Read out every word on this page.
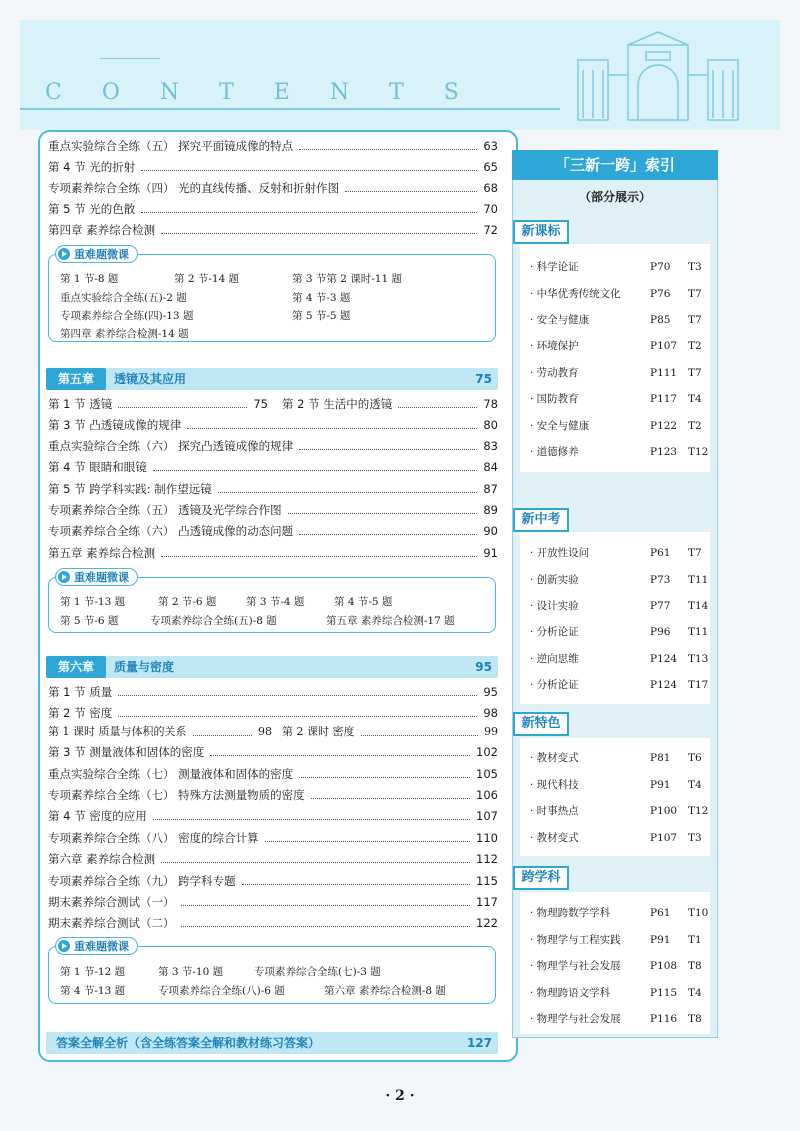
CONTENTS
重点实验综合全练（五） 探究平面镜成像的特点	63
第 4 节 光的折射	65
专项素养综合全练（四） 光的直线传播、反射和折射作图	68
第 5 节 光的色散	70
第四章 素养综合检测	72
重难题微课
第 1 节-8 题	第 2 节-14 题	第 3 节第 2 课时-11 题
重点实验综合全练(五)-2 题	第 4 节-3 题
专项素养综合全练(四)-13 题	第 5 节-5 题
第四章 素养综合检测-14 题
第五章	透镜及其应用	75
第 1 节 透镜	75 第 2 节 生活中的透镜	78
第 3 节 凸透镜成像的规律	80
重点实验综合全练（六） 探究凸透镜成像的规律	83
第 4 节 眼睛和眼镜	84
第 5 节 跨学科实践: 制作望远镜	87
专项素养综合全练（五） 透镜及光学综合作图	89
专项素养综合全练（六） 凸透镜成像的动态问题	90
第五章 素养综合检测	91
重难题微课
第 1 节-13 题	第 2 节-6 题	第 3 节-4 题	第 4 节-5 题
第 5 节-6 题	专项素养综合全练(五)-8 题	第五章 素养综合检测-17 题
第六章	质量与密度	95
第 1 节 质量	95
第 2 节 密度	98
第 1 课时 质量与体积的关系	98 第 2 课时 密度	99
第 3 节 测量液体和固体的密度	102
重点实验综合全练（七） 测量液体和固体的密度	105
专项素养综合全练（七） 特殊方法测量物质的密度	106
第 4 节 密度的应用	107
专项素养综合全练（八） 密度的综合计算	110
第六章 素养综合检测	112
专项素养综合全练（九） 跨学科专题	115
期末素养综合测试（一）	117
期末素养综合测试（二）	122
重难题微课
第 1 节-12 题	第 3 节-10 题	专项素养综合全练(七)-3 题
第 4 节-13 题	专项素养综合全练(八)-6 题	第六章 素养综合检测-8 题
答案全解全析（含全练答案全解和教材练习答案）	127
「三新一跨」索引
（部分展示）
新课标
· 科学论证	P70 T3
· 中华优秀传统文化	P76 T7
· 安全与健康	P85 T7
· 环境保护	P107 T2
· 劳动教育	P111 T7
· 国防教育	P117 T4
· 安全与健康	P122 T2
· 道德修养	P123 T12
新中考
· 开放性设问	P61 T7
· 创新实验	P73 T11
· 设计实验	P77 T14
· 分析论证	P96 T11
· 逆向思维	P124 T13
· 分析论证	P124 T17
新特色
· 教材变式	P81 T6
· 现代科技	P91 T4
· 时事热点	P100 T12
· 教材变式	P107 T3
跨学科
· 物理跨数学学科	P61 T10
· 物理学与工程实践	P91 T1
· 物理学与社会发展	P108 T8
· 物理跨语文学科	P115 T4
· 物理学与社会发展	P116 T8
· 2 ·
